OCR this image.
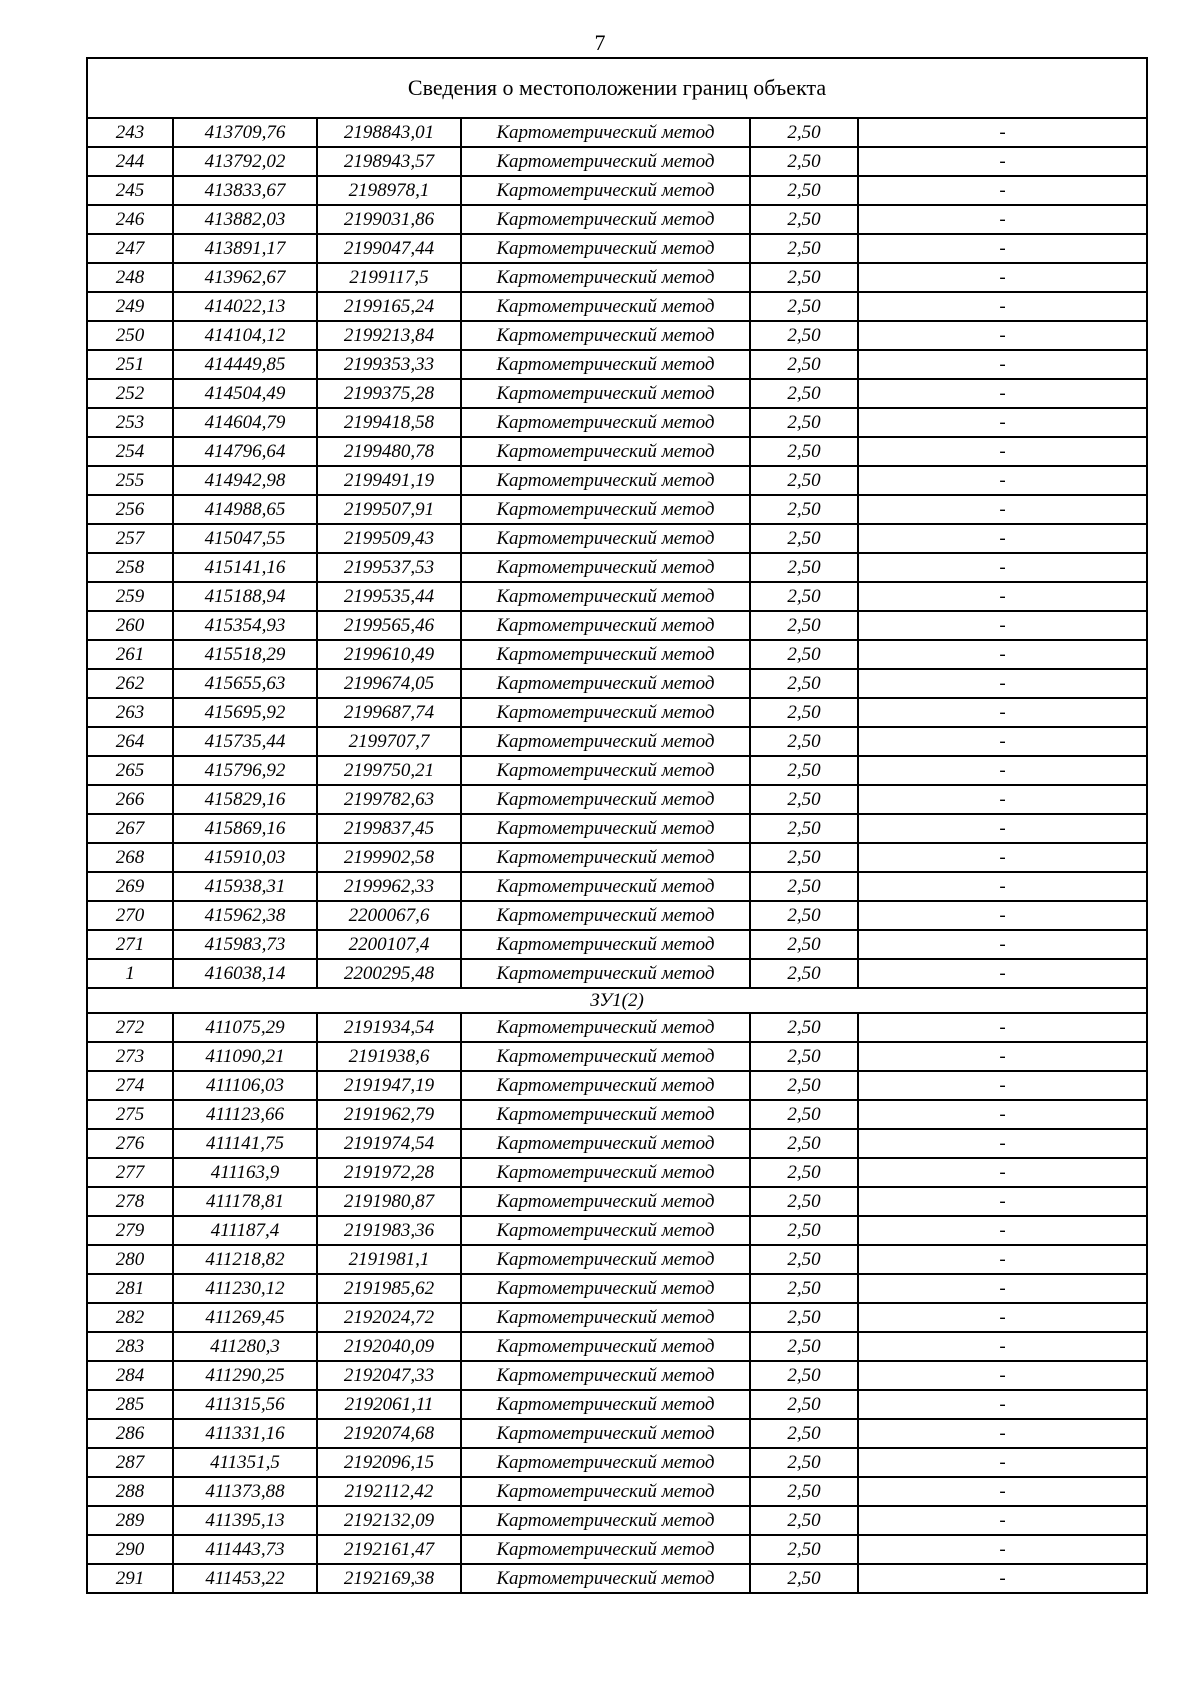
7
Сведения о местоположении границ объекта					
243	413709,76	2198843,01	Картометрический метод	2,50	-
244	413792,02	2198943,57	Картометрический метод	2,50	-
245	413833,67	2198978,1	Картометрический метод	2,50	-
246	413882,03	2199031,86	Картометрический метод	2,50	-
247	413891,17	2199047,44	Картометрический метод	2,50	-
248	413962,67	2199117,5	Картометрический метод	2,50	-
249	414022,13	2199165,24	Картометрический метод	2,50	-
250	414104,12	2199213,84	Картометрический метод	2,50	-
251	414449,85	2199353,33	Картометрический метод	2,50	-
252	414504,49	2199375,28	Картометрический метод	2,50	-
253	414604,79	2199418,58	Картометрический метод	2,50	-
254	414796,64	2199480,78	Картометрический метод	2,50	-
255	414942,98	2199491,19	Картометрический метод	2,50	-
256	414988,65	2199507,91	Картометрический метод	2,50	-
257	415047,55	2199509,43	Картометрический метод	2,50	-
258	415141,16	2199537,53	Картометрический метод	2,50	-
259	415188,94	2199535,44	Картометрический метод	2,50	-
260	415354,93	2199565,46	Картометрический метод	2,50	-
261	415518,29	2199610,49	Картометрический метод	2,50	-
262	415655,63	2199674,05	Картометрический метод	2,50	-
263	415695,92	2199687,74	Картометрический метод	2,50	-
264	415735,44	2199707,7	Картометрический метод	2,50	-
265	415796,92	2199750,21	Картометрический метод	2,50	-
266	415829,16	2199782,63	Картометрический метод	2,50	-
267	415869,16	2199837,45	Картометрический метод	2,50	-
268	415910,03	2199902,58	Картометрический метод	2,50	-
269	415938,31	2199962,33	Картометрический метод	2,50	-
270	415962,38	2200067,6	Картометрический метод	2,50	-
271	415983,73	2200107,4	Картометрический метод	2,50	-
1	416038,14	2200295,48	Картометрический метод	2,50	-
ЗУ1(2)					
272	411075,29	2191934,54	Картометрический метод	2,50	-
273	411090,21	2191938,6	Картометрический метод	2,50	-
274	411106,03	2191947,19	Картометрический метод	2,50	-
275	411123,66	2191962,79	Картометрический метод	2,50	-
276	411141,75	2191974,54	Картометрический метод	2,50	-
277	411163,9	2191972,28	Картометрический метод	2,50	-
278	411178,81	2191980,87	Картометрический метод	2,50	-
279	411187,4	2191983,36	Картометрический метод	2,50	-
280	411218,82	2191981,1	Картометрический метод	2,50	-
281	411230,12	2191985,62	Картометрический метод	2,50	-
282	411269,45	2192024,72	Картометрический метод	2,50	-
283	411280,3	2192040,09	Картометрический метод	2,50	-
284	411290,25	2192047,33	Картометрический метод	2,50	-
285	411315,56	2192061,11	Картометрический метод	2,50	-
286	411331,16	2192074,68	Картометрический метод	2,50	-
287	411351,5	2192096,15	Картометрический метод	2,50	-
288	411373,88	2192112,42	Картометрический метод	2,50	-
289	411395,13	2192132,09	Картометрический метод	2,50	-
290	411443,73	2192161,47	Картометрический метод	2,50	-
291	411453,22	2192169,38	Картометрический метод	2,50	-
